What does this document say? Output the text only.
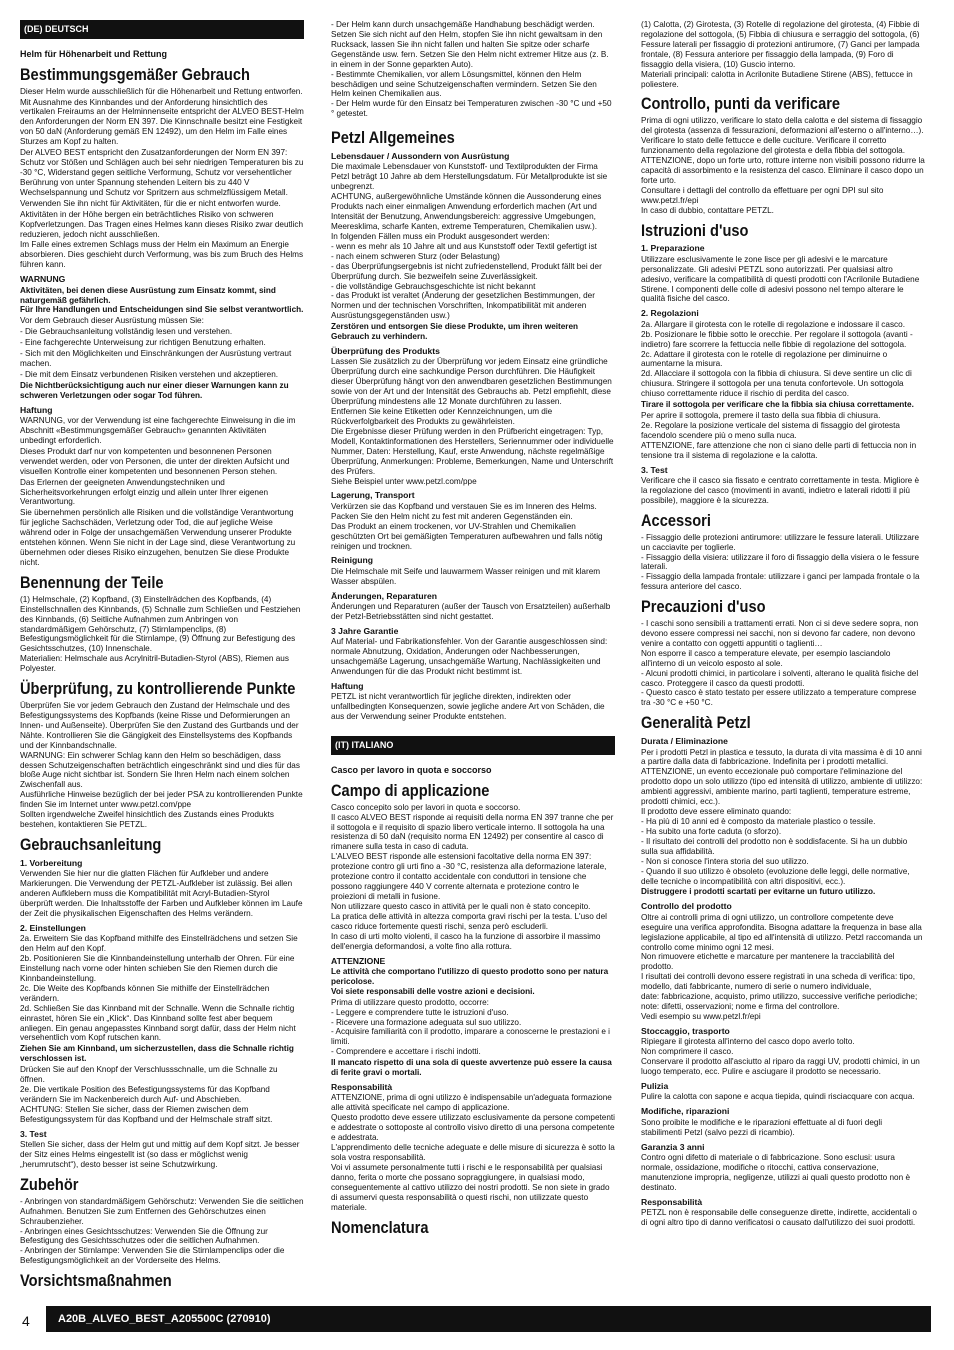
(DE) DEUTSCH
Helm für Höhenarbeit und Rettung
Bestimmungsgemäßer Gebrauch

Dieser Helm wurde ausschließlich für die Höhenarbeit und Rettung entworfen.

Mit Ausnahme des Kinnbandes und der Anforderung hinsichtlich des vertikalen Freiraums an der Helminnenseite entspricht der ALVEO BEST-Helm den Anforderungen der Norm EN 397. Die Kinnschnalle besitzt eine Festigkeit von 50 daN (Anforderung gemäß EN 12492), um den Helm im Falle eines Sturzes am Kopf zu halten.

Der ALVEO BEST entspricht den Zusatzanforderungen der Norm EN 397: Schutz vor Stößen und Schlägen auch bei sehr niedrigen Temperaturen bis zu -30 °C, Widerstand gegen seitliche Verformung, Schutz vor versehentlicher Berührung von unter Spannung stehenden Leitern bis zu 440 V Wechselspannung und Schutz vor Spritzern aus schmelzflüssigem Metall.

Verwenden Sie ihn nicht für Aktivitäten, für die er nicht entworfen wurde.

Aktivitäten in der Höhe bergen ein beträchtliches Risiko von schweren Kopfverletzungen. Das Tragen eines Helmes kann dieses Risiko zwar deutlich reduzieren, jedoch nicht ausschließen.

Im Falle eines extremen Schlags muss der Helm ein Maximum an Energie absorbieren. Dies geschieht durch Verformung, was bis zum Bruch des Helms führen kann.

WARNUNG

Aktivitäten, bei denen diese Ausrüstung zum Einsatz kommt, sind naturgemäß gefährlich.
Für Ihre Handlungen und Entscheidungen sind Sie selbst verantwortlich.

Vor dem Gebrauch dieser Ausrüstung müssen Sie:

- Die Gebrauchsanleitung vollständig lesen und verstehen.

- Eine fachgerechte Unterweisung zur richtigen Benutzung erhalten.

- Sich mit den Möglichkeiten und Einschränkungen der Ausrüstung vertraut machen.

- Die mit dem Einsatz verbundenen Risiken verstehen und akzeptieren.

Die Nichtberücksichtigung auch nur einer dieser Warnungen kann zu schweren Verletzungen oder sogar Tod führen.

Haftung

WARNUNG, vor der Verwendung ist eine fachgerechte Einweisung in die im Abschnitt «Bestimmungsgemäßer Gebrauch» genannten Aktivitäten unbedingt erforderlich.

Dieses Produkt darf nur von kompetenten und besonnenen Personen verwendet werden, oder von Personen, die unter der direkten Aufsicht und visuellen Kontrolle einer kompetenten und besonnenen Person stehen.

Das Erlernen der geeigneten Anwendungstechniken und Sicherheitsvorkehrungen erfolgt einzig und allein unter Ihrer eigenen Verantwortung.

Sie übernehmen persönlich alle Risiken und die vollständige Verantwortung für jegliche Sachschäden, Verletzung oder Tod, die auf jegliche Weise während oder in Folge der unsachgemäßen Verwendung unserer Produkte entstehen können. Wenn Sie nicht in der Lage sind, diese Verantwortung zu übernehmen oder dieses Risiko einzugehen, benutzen Sie diese Produkte nicht.

Benennung der Teile

(1) Helmschale, (2) Kopfband, (3) Einstellrädchen des Kopfbands, (4) Einstellschnallen des Kinnbands, (5) Schnalle zum Schließen und Festziehen des Kinnbands, (6) Seitliche Aufnahmen zum Anbringen von standardmäßigem Gehörschutz, (7) Stirnlampenclips, (8) Befestigungsmöglichkeit für die Stirnlampe, (9) Öffnung zur Befestigung des Gesichtsschutzes, (10) Innenschale.
Materialien: Helmschale aus Acrylnitril-Butadien-Styrol (ABS), Riemen aus Polyester.

Überprüfung, zu kontrollierende Punkte

Überprüfen Sie vor jedem Gebrauch den Zustand der Helmschale und des Befestigungssystems des Kopfbands (keine Risse und Deformierungen an Innen- und Außenseite). Überprüfen Sie den Zustand des Gurtbands und der Nähte. Kontrollieren Sie die Gängigkeit des Einstellsystems des Kopfbands und der Kinnbandschnalle.
WARNUNG: Ein schwerer Schlag kann den Helm so beschädigen, dass dessen Schutzeigenschaften beträchtlich eingeschränkt sind und dies für das bloße Auge nicht sichtbar ist. Sondern Sie Ihren Helm nach einem solchen Zwischenfall aus.
Ausführliche Hinweise bezüglich der bei jeder PSA zu kontrollierenden Punkte finden Sie im Internet unter www.petzl.com/ppe
Sollten irgendwelche Zweifel hinsichtlich des Zustands eines Produkts bestehen, kontaktieren Sie PETZL.

Gebrauchsanleitung
1. Vorbereitung

Verwenden Sie hier nur die glatten Flächen für Aufkleber und andere Markierungen. Die Verwendung der PETZL-Aufkleber ist zulässig. Bei allen anderen Aufklebern muss die Kompatibilität mit Acryl-Butadien-Styrol überprüft werden. Die Inhaltsstoffe der Farben und Aufkleber können im Laufe der Zeit die physikalischen Eigenschaften des Helms verändern.

2. Einstellungen

2a. Erweitern Sie das Kopfband mithilfe des Einstellrädchens und setzen Sie den Helm auf den Kopf.
2b. Positionieren Sie die Kinnbandeinstellung unterhalb der Ohren. Für eine Einstellung nach vorne oder hinten schieben Sie den Riemen durch die Kinnbandeinstellung.
2c. Die Weite des Kopfbands können Sie mithilfe der Einstellrädchen verändern.
2d. Schließen Sie das Kinnband mit der Schnalle. Wenn die Schnalle richtig einrastet, hören Sie ein „Klick“. Das Kinnband sollte fest aber bequem anliegen. Ein genau angepasstes Kinnband sorgt dafür, dass der Helm nicht versehentlich vom Kopf rutschen kann.

Ziehen Sie am Kinnband, um sicherzustellen, dass die Schnalle richtig verschlossen ist.

Drücken Sie auf den Knopf der Verschlussschnalle, um die Schnalle zu öffnen.
2e. Die vertikale Position des Befestigungssystems für das Kopfband verändern Sie im Nackenbereich durch Auf- und Abschieben.
ACHTUNG: Stellen Sie sicher, dass der Riemen zwischen dem Befestigungssystem für das Kopfband und der Helmschale straff sitzt.

3. Test

Stellen Sie sicher, dass der Helm gut und mittig auf dem Kopf sitzt. Je besser der Sitz eines Helms eingestellt ist (so dass er möglichst wenig „herumrutscht“), desto besser ist seine Schutzwirkung.

Zubehör

- Anbringen von standardmäßigem Gehörschutz: Verwenden Sie die seitlichen Aufnahmen. Benutzen Sie zum Entfernen des Gehörschutzes einen Schraubenzieher.
- Anbringen eines Gesichtsschutzes: Verwenden Sie die Öffnung zur Befestigung des Gesichtsschutzes oder die seitlichen Aufnahmen.
- Anbringen der Stirnlampe: Verwenden Sie die Stirnlampenclips oder die Befestigungsmöglichkeit an der Vorderseite des Helms.

Vorsichtsmaßnahmen

- Der Helm kann durch unsachgemäße Handhabung beschädigt werden. Setzen Sie sich nicht auf den Helm, stopfen Sie ihn nicht gewaltsam in den Rucksack, lassen Sie ihn nicht fallen und halten Sie spitze oder scharfe Gegenstände usw. fern. Setzen Sie den Helm nicht extremer Hitze aus (z. B. in einem in der Sonne geparkten Auto).
- Bestimmte Chemikalien, vor allem Lösungsmittel, können den Helm beschädigen und seine Schutzeigenschaften vermindern. Setzen Sie den Helm keinen Chemikalien aus.
- Der Helm wurde für den Einsatz bei Temperaturen zwischen -30 °C und +50 ° getestet.

Petzl Allgemeines
Lebensdauer / Aussondern von Ausrüstung

Die maximale Lebensdauer von Kunststoff- und Textilprodukten der Firma Petzl beträgt 10 Jahre ab dem Herstellungsdatum. Für Metallprodukte ist sie unbegrenzt.
ACHTUNG, außergewöhnliche Umstände können die Aussonderung eines Produkts nach einer einmaligen Anwendung erforderlich machen (Art und Intensität der Benutzung, Anwendungsbereich: aggressive Umgebungen, Meeresklima, scharfe Kanten, extreme Temperaturen, Chemikalien usw.).
In folgenden Fällen muss ein Produkt ausgesondert werden:
- wenn es mehr als 10 Jahre alt und aus Kunststoff oder Textil gefertigt ist
- nach einem schweren Sturz (oder Belastung)
- das Überprüfungsergebnis ist nicht zufriedenstellend, Produkt fällt bei der Überprüfung durch. Sie bezweifeln seine Zuverlässigkeit.
- die vollständige Gebrauchsgeschichte ist nicht bekannt
- das Produkt ist veraltet (Änderung der gesetzlichen Bestimmungen, der Normen und der technischen Vorschriften, Inkompatibilität mit anderen Ausrüstungsgegenständen usw.)

Zerstören und entsorgen Sie diese Produkte, um ihren weiteren Gebrauch zu verhindern.

Überprüfung des Produkts

Lassen Sie zusätzlich zu der Überprüfung vor jedem Einsatz eine gründliche Überprüfung durch eine sachkundige Person durchführen. Die Häufigkeit dieser Überprüfung hängt von den anwendbaren gesetzlichen Bestimmungen sowie von der Art und der Intensität des Gebrauchs ab. Petzl empfiehlt, diese Überprüfung mindestens alle 12 Monate durchführen zu lassen.
Entfernen Sie keine Etiketten oder Kennzeichnungen, um die Rückverfolgbarkeit des Produkts zu gewährleisten.
Die Ergebnisse dieser Prüfung werden in den Prüfbericht eingetragen: Typ, Modell, Kontaktinformationen des Herstellers, Seriennummer oder individuelle Nummer, Daten: Herstellung, Kauf, erste Anwendung, nächste regelmäßige Überprüfung, Anmerkungen: Probleme, Bemerkungen, Name und Unterschrift des Prüfers.
Siehe Beispiel unter www.petzl.com/ppe

Lagerung, Transport

Verkürzen sie das Kopfband und verstauen Sie es im Inneren des Helms.
Packen Sie den Helm nicht zu fest mit anderen Gegenständen ein.
Das Produkt an einem trockenen, vor UV-Strahlen und Chemikalien geschützten Ort bei gemäßigten Temperaturen aufbewahren und falls nötig reinigen und trocknen.

Reinigung

Die Helmschale mit Seife und lauwarmem Wasser reinigen und mit klarem Wasser abspülen.

Änderungen, Reparaturen

Änderungen und Reparaturen (außer der Tausch von Ersatzteilen) außerhalb der Petzl-Betriebsstätten sind nicht gestattet.

3 Jahre Garantie

Auf Material- und Fabrikationsfehler. Von der Garantie ausgeschlossen sind: normale Abnutzung, Oxidation, Änderungen oder Nachbesserungen, unsachgemäße Lagerung, unsachgemäße Wartung, Nachlässigkeiten und Anwendungen für die das Produkt nicht bestimmt ist.

Haftung

PETZL ist nicht verantwortlich für jegliche direkten, indirekten oder unfallbedingten Konsequenzen, sowie jegliche andere Art von Schäden, die aus der Verwendung seiner Produkte entstehen.

(IT) ITALIANO
Casco per lavoro in quota e soccorso
Campo di applicazione

Casco concepito solo per lavori in quota e soccorso.
Il casco ALVEO BEST risponde ai requisiti della norma EN 397 tranne che per il sottogola e il requisito di spazio libero verticale interno. Il sottogola ha una resistenza di 50 daN (requisito norma EN 12492) per consentire al casco di rimanere sulla testa in caso di caduta.
L'ALVEO BEST risponde alle estensioni facoltative della norma EN 397: protezione contro gli urti fino a -30 °C, resistenza alla deformazione laterale, protezione contro il contatto accidentale con conduttori in tensione che possono raggiungere 440 V corrente alternata e protezione contro le proiezioni di metalli in fusione.
Non utilizzare questo casco in attività per le quali non è stato concepito.
La pratica delle attività in altezza comporta gravi rischi per la testa. L'uso del casco riduce fortemente questi rischi, senza però escluderli.
In caso di urti molto violenti, il casco ha la funzione di assorbire il massimo dell'energia deformandosi, a volte fino alla rottura.

ATTENZIONE

Le attività che comportano l'utilizzo di questo prodotto sono per natura pericolose.
Voi siete responsabili delle vostre azioni e decisioni.

Prima di utilizzare questo prodotto, occorre:
- Leggere e comprendere tutte le istruzioni d'uso.
- Ricevere una formazione adeguata sul suo utilizzo.
- Acquisire familiarità con il prodotto, imparare a conoscerne le prestazioni e i limiti.
- Comprendere e accettare i rischi indotti.

Il mancato rispetto di una sola di queste avvertenze può essere la causa di ferite gravi o mortali.

Responsabilità

ATTENZIONE, prima di ogni utilizzo è indispensabile un'adeguata formazione alle attività specificate nel campo di applicazione.
Questo prodotto deve essere utilizzato esclusivamente da persone competenti e addestrate o sottoposte al controllo visivo diretto di una persona competente e addestrata.
L'apprendimento delle tecniche adeguate e delle misure di sicurezza è sotto la sola vostra responsabilità.
Voi vi assumete personalmente tutti i rischi e le responsabilità per qualsiasi danno, ferita o morte che possano sopraggiungere, in qualsiasi modo, conseguentemente al cattivo utilizzo dei nostri prodotti. Se non siete in grado di assumervi questa responsabilità o questi rischi, non utilizzate questo materiale.

Nomenclatura

(1) Calotta, (2) Girotesta, (3) Rotelle di regolazione del girotesta, (4) Fibbie di regolazione del sottogola, (5) Fibbia di chiusura e serraggio del sottogola, (6) Fessure laterali per fissaggio di protezioni antirumore, (7) Ganci per lampada frontale, (8) Fessura anteriore per fissaggio della lampada, (9) Foro di fissaggio della visiera, (10) Guscio interno.
Materiali principali: calotta in Acrilonite Butadiene Stirene (ABS), fettucce in poliestere.

Controllo, punti da verificare

Prima di ogni utilizzo, verificare lo stato della calotta e del sistema di fissaggio del girotesta (assenza di fessurazioni, deformazioni all'esterno o all'interno…). Verificare lo stato delle fettucce e delle cuciture. Verificare il corretto funzionamento della regolazione del girotesta e della fibbia del sottogola.
ATTENZIONE, dopo un forte urto, rotture interne non visibili possono ridurre la capacità di assorbimento e la resistenza del casco. Eliminare il casco dopo un forte urto.
Consultare i dettagli del controllo da effettuare per ogni DPI sul sito www.petzl.fr/epi
In caso di dubbio, contattare PETZL.

Istruzioni d'uso
1. Preparazione

Utilizzare esclusivamente le zone lisce per gli adesivi e le marcature personalizzate. Gli adesivi PETZL sono autorizzati. Per qualsiasi altro adesivo, verificare la compatibilità di questi prodotti con l'Acrilonile Butadiene Stirene. I componenti delle colle di adesivi possono nel tempo alterare le qualità fisiche del casco.

2. Regolazioni

2a. Allargare il girotesta con le rotelle di regolazione e indossare il casco.
2b. Posizionare le fibbie sotto le orecchie. Per regolare il sottogola (avanti - indietro) fare scorrere la fettuccia nelle fibbie di regolazione del sottogola.
2c. Adattare il girotesta con le rotelle di regolazione per diminuirne o aumentarne la misura.
2d. Allacciare il sottogola con la fibbia di chiusura. Si deve sentire un clic di chiusura. Stringere il sottogola per una tenuta confortevole. Un sottogola chiuso correttamente riduce il rischio di perdita del casco.

Tirare il sottogola per verificare che la fibbia sia chiusa correttamente.

Per aprire il sottogola, premere il tasto della sua fibbia di chiusura.
2e. Regolare la posizione verticale del sistema di fissaggio del girotesta facendolo scendere più o meno sulla nuca.
ATTENZIONE, fare attenzione che non ci siano delle parti di fettuccia non in tensione tra il sistema di regolazione e la calotta.

3. Test

Verificare che il casco sia fissato e centrato correttamente in testa. Migliore è la regolazione del casco (movimenti in avanti, indietro e laterali ridotti il più possibile), maggiore è la sicurezza.

Accessori

- Fissaggio delle protezioni antirumore: utilizzare le fessure laterali. Utilizzare un cacciavite per toglierle.
- Fissaggio della visiera: utilizzare il foro di fissaggio della visiera o le fessure laterali.
- Fissaggio della lampada frontale: utilizzare i ganci per lampada frontale o la fessura anteriore del casco.

Precauzioni d'uso

- I caschi sono sensibili a trattamenti errati. Non ci si deve sedere sopra, non devono essere compressi nei sacchi, non si devono far cadere, non devono venire a contatto con oggetti appuntiti o taglienti…
Non esporre il casco a temperature elevate, per esempio lasciandolo all'interno di un veicolo esposto al sole.
- Alcuni prodotti chimici, in particolare i solventi, alterano le qualità fisiche del casco. Proteggere il casco da questi prodotti.
- Questo casco è stato testato per essere utilizzato a temperature comprese tra -30 °C e +50 °C.

Generalità Petzl
Durata / Eliminazione

Per i prodotti Petzl in plastica e tessuto, la durata di vita massima è di 10 anni a partire dalla data di fabbricazione. Indefinita per i prodotti metallici.
ATTENZIONE, un evento eccezionale può comportare l'eliminazione del prodotto dopo un solo utilizzo (tipo ed intensità di utilizzo, ambiente di utilizzo: ambienti aggressivi, ambiente marino, parti taglienti, temperature estreme, prodotti chimici, ecc.).
Il prodotto deve essere eliminato quando:
- Ha più di 10 anni ed è composto da materiale plastico o tessile.
- Ha subito una forte caduta (o sforzo).
- Il risultato dei controlli del prodotto non è soddisfacente. Si ha un dubbio sulla sua affidabilità.
- Non si conosce l'intera storia del suo utilizzo.
- Quando il suo utilizzo è obsoleto (evoluzione delle leggi, delle normative, delle tecniche o incompatibilità con altri dispositivi, ecc.).

Distruggere i prodotti scartati per evitarne un futuro utilizzo.

Controllo del prodotto

Oltre ai controlli prima di ogni utilizzo, un controllore competente deve eseguire una verifica approfondita. Bisogna adattare la frequenza in base alla legislazione applicabile, al tipo ed all'intensità di utilizzo. Petzl raccomanda un controllo come minimo ogni 12 mesi.
Non rimuovere etichette e marcature per mantenere la tracciabilità del prodotto.
I risultati dei controlli devono essere registrati in una scheda di verifica: tipo, modello, dati fabbricante, numero di serie o numero individuale,
date: fabbricazione, acquisto, primo utilizzo, successive verifiche periodiche; note: difetti, osservazioni; nome e firma del controllore.
Vedi esempio su www.petzl.fr/epi

Stoccaggio, trasporto

Ripiegare il girotesta all'interno del casco dopo averlo tolto.
Non comprimere il casco.
Conservare il prodotto all'asciutto al riparo da raggi UV, prodotti chimici, in un luogo temperato, ecc. Pulire e asciugare il prodotto se necessario.

Pulizia

Pulire la calotta con sapone e acqua tiepida, quindi risciacquare con acqua.

Modifiche, riparazioni

Sono proibite le modifiche e le riparazioni effettuate al di fuori degli stabilimenti Petzl (salvo pezzi di ricambio).

Garanzia 3 anni

Contro ogni difetto di materiale o di fabbricazione. Sono esclusi: usura normale, ossidazione, modifiche o ritocchi, cattiva conservazione, manutenzione impropria, negligenze, utilizzi ai quali questo prodotto non è destinato.

Responsabilità

PETZL non è responsabile delle conseguenze dirette, indirette, accidentali o di ogni altro tipo di danno verificatosi o causato dall'utilizzo dei suoi prodotti.

4	A20B_ALVEO_BEST_A205500C (270910)
